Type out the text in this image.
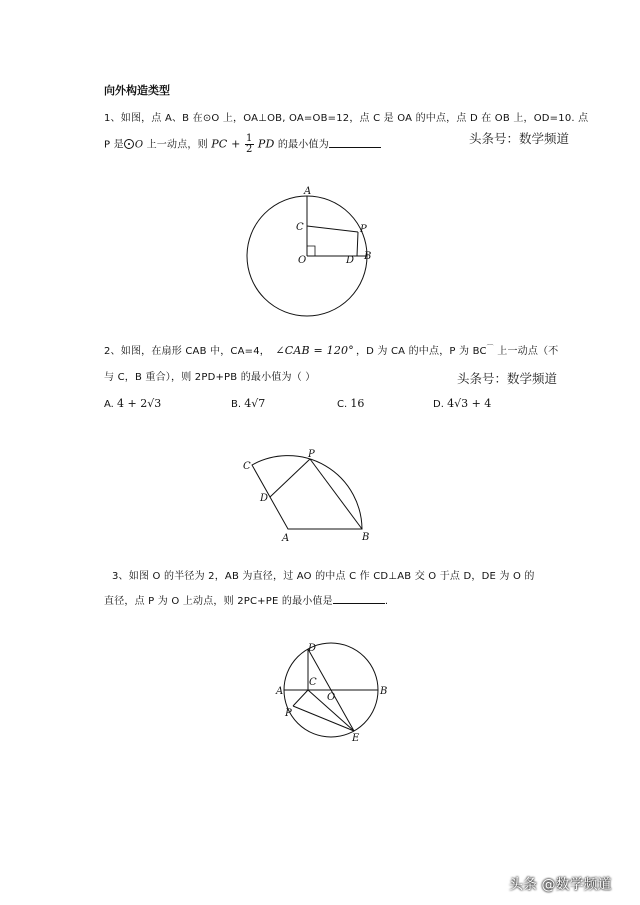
向外构造类型
1、如图，点 A、B 在⊙O 上，OA⊥OB, OA=OB=12，点 C 是 OA 的中点，点 D 在 OB 上，OD=10. 点
P 是 O 上一动点，则 PC + $\frac{1}{2}$ PD 的最小值为	头条号：数学频道
A
C
O
P
D B
2、如图，在扇形 CAB 中，CA=4， ∠CAB = 120° ，D 为 CA 的中点，P 为 BC⌒ 上一动点（不
与 C，B 重合），则 2PD+PB 的最小值为（ ）	头条号：数学频道
A. 4 + 2√3	B. 4√7	C. 16	D. 4√3 + 4
C
D
P
A	B
3、如图 O 的半径为 2，AB 为直径，过 AO 的中点 C 作 CD⊥AB 交 O 于点 D，DE 为 O 的
直径，点 P 为 O 上动点，则 2PC+PE 的最小值是	.
D
A
C
O
B
P
E
头条 @数学频道
